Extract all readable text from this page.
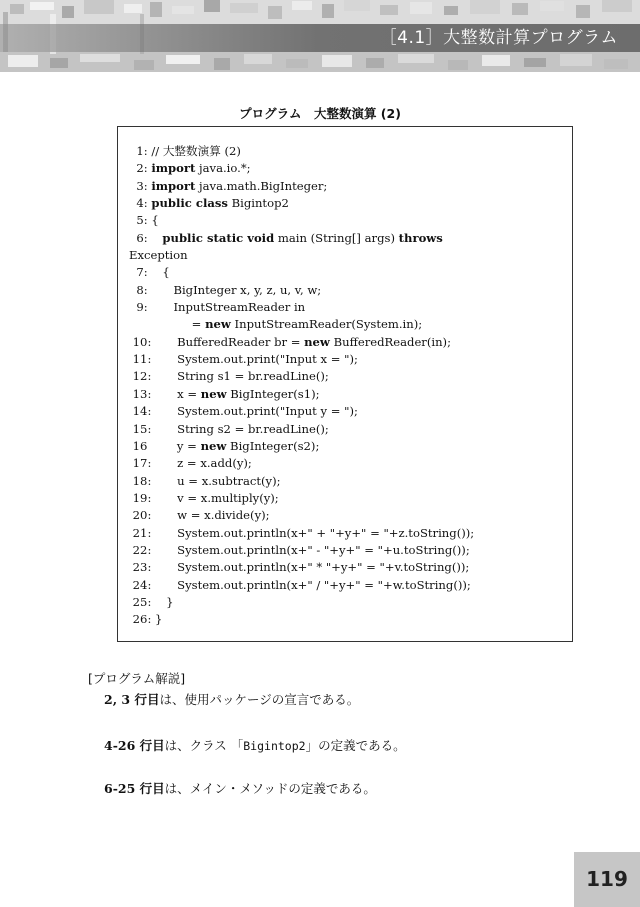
［4.1］大整数計算プログラム
プログラム　大整数演算 (2)
1: // 大整数演算 (2)
2: import java.io.*;
3: import java.math.BigInteger;
4: public class Bigintop2
5: {
6:    public static void main (String[] args) throws
Exception
7:    {
8:       BigInteger x, y, z, u, v, w;
9:       InputStreamReader in
= new InputStreamReader(System.in);
10:       BufferedReader br = new BufferedReader(in);
11:       System.out.print("Input x = ");
12:       String s1 = br.readLine();
13:       x = new BigInteger(s1);
14:       System.out.print("Input y = ");
15:       String s2 = br.readLine();
16        y = new BigInteger(s2);
17:       z = x.add(y);
18:       u = x.subtract(y);
19:       v = x.multiply(y);
20:       w = x.divide(y);
21:       System.out.println(x+" + "+y+" = "+z.toString());
22:       System.out.println(x+" - "+y+" = "+u.toString());
23:       System.out.println(x+" * "+y+" = "+v.toString());
24:       System.out.println(x+" / "+y+" = "+w.toString());
25:    }
26: }
[プログラム解説]
2, 3 行目は、使用パッケージの宣言である。
4-26 行目は、クラス 「Bigintop2」の定義である。
6-25 行目は、メイン・メソッドの定義である。
119
